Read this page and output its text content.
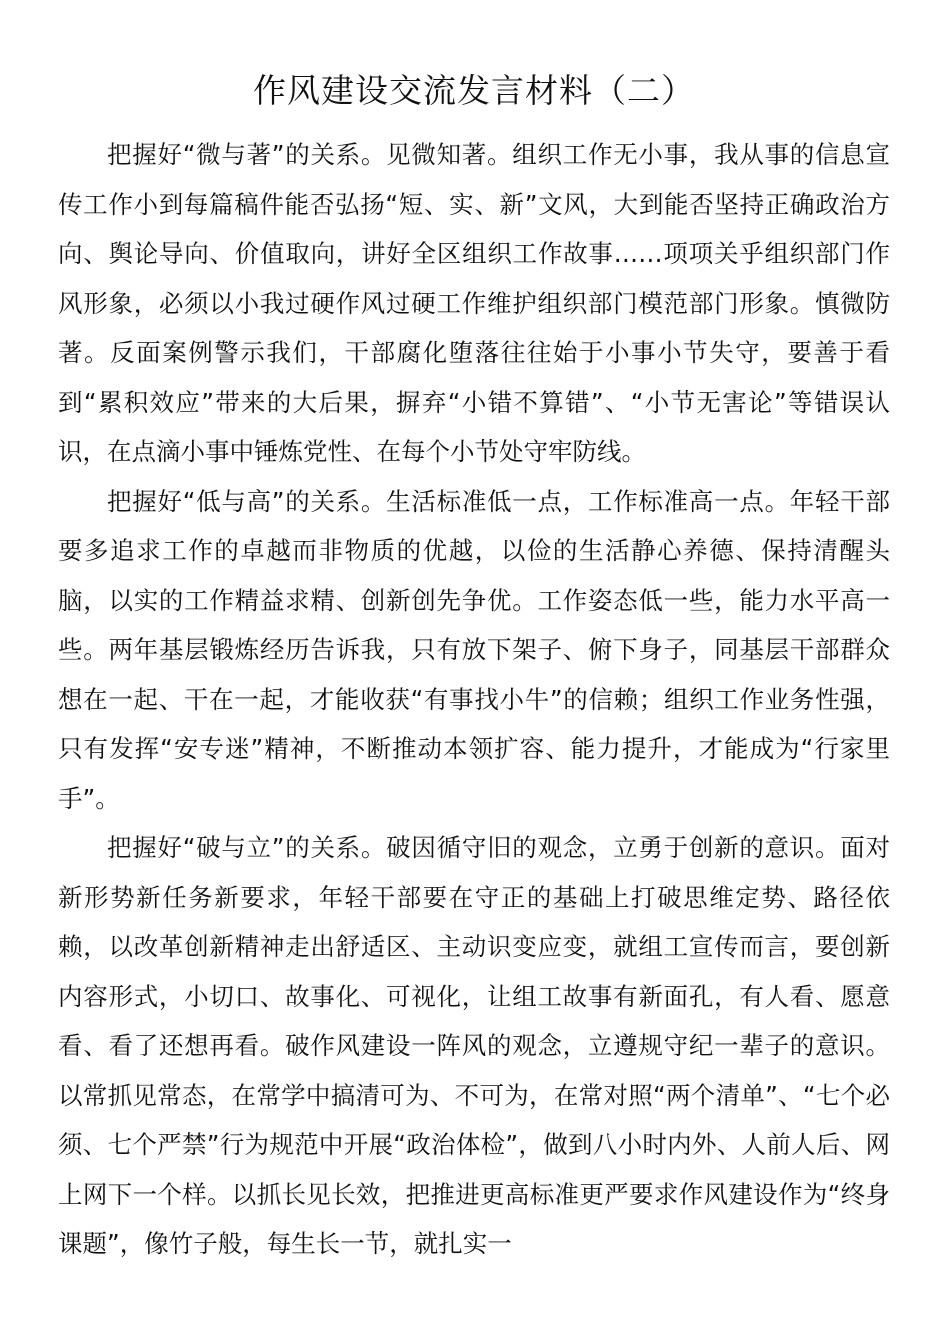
作风建设交流发言材料（二）

把握好“微与著”的关系。见微知著。组织工作无小事，我从事的信息宣传工作小到每篇稿件能否弘扬“短、实、新”文风，大到能否坚持正确政治方向、舆论导向、价值取向，讲好全区组织工作故事……项项关乎组织部门作风形象，必须以小我过硬作风过硬工作维护组织部门模范部门形象。慎微防著。反面案例警示我们，干部腐化堕落往往始于小事小节失守，要善于看到“累积效应”带来的大后果，摒弃“小错不算错”、“小节无害论”等错误认识，在点滴小事中锤炼党性、在每个小节处守牢防线。

把握好“低与高”的关系。生活标准低一点，工作标准高一点。年轻干部要多追求工作的卓越而非物质的优越，以俭的生活静心养德、保持清醒头脑，以实的工作精益求精、创新创先争优。工作姿态低一些，能力水平高一些。两年基层锻炼经历告诉我，只有放下架子、俯下身子，同基层干部群众想在一起、干在一起，才能收获“有事找小牛”的信赖；组织工作业务性强，只有发挥“安专迷”精神，不断推动本领扩容、能力提升，才能成为“行家里手”。

把握好“破与立”的关系。破因循守旧的观念，立勇于创新的意识。面对新形势新任务新要求，年轻干部要在守正的基础上打破思维定势、路径依赖，以改革创新精神走出舒适区、主动识变应变，就组工宣传而言，要创新内容形式，小切口、故事化、可视化，让组工故事有新面孔，有人看、愿意看、看了还想再看。破作风建设一阵风的观念，立遵规守纪一辈子的意识。以常抓见常态，在常学中搞清可为、不可为，在常对照“两个清单”、“七个必须、七个严禁”行为规范中开展“政治体检”，做到八小时内外、人前人后、网上网下一个样。以抓长见长效，把推进更高标准更严要求作风建设作为“终身课题”，像竹子般，每生长一节，就扎实一
